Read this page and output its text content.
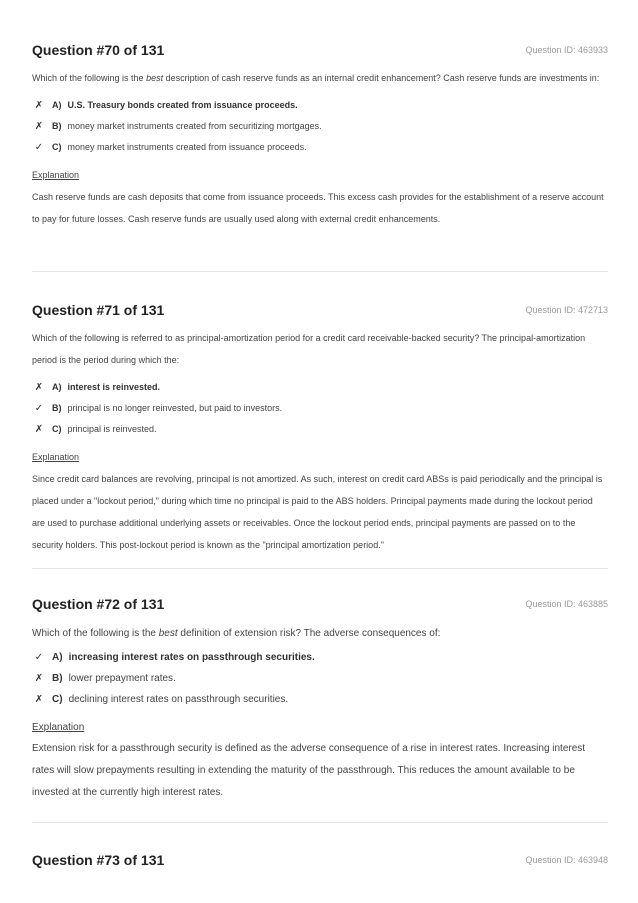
Question #70 of 131	Question ID: 463933

Which of the following is the best description of cash reserve funds as an internal credit enhancement? Cash reserve funds are investments in:

✗ A) U.S. Treasury bonds created from issuance proceeds.
✗ B) money market instruments created from securitizing mortgages.
✓ C) money market instruments created from issuance proceeds.

Explanation

Cash reserve funds are cash deposits that come from issuance proceeds. This excess cash provides for the establishment of a reserve account to pay for future losses. Cash reserve funds are usually used along with external credit enhancements.

Question #71 of 131	Question ID: 472713

Which of the following is referred to as principal-amortization period for a credit card receivable-backed security? The principal-amortization period is the period during which the:

✗ A) interest is reinvested.
✓ B) principal is no longer reinvested, but paid to investors.
✗ C) principal is reinvested.

Explanation

Since credit card balances are revolving, principal is not amortized. As such, interest on credit card ABSs is paid periodically and the principal is placed under a "lockout period," during which time no principal is paid to the ABS holders. Principal payments made during the lockout period are used to purchase additional underlying assets or receivables. Once the lockout period ends, principal payments are passed on to the security holders. This post-lockout period is known as the "principal amortization period."

Question #72 of 131	Question ID: 463885

Which of the following is the best definition of extension risk? The adverse consequences of:

✓ A) increasing interest rates on passthrough securities.
✗ B) lower prepayment rates.
✗ C) declining interest rates on passthrough securities.

Explanation

Extension risk for a passthrough security is defined as the adverse consequence of a rise in interest rates. Increasing interest rates will slow prepayments resulting in extending the maturity of the passthrough. This reduces the amount available to be invested at the currently high interest rates.

Question #73 of 131	Question ID: 463948
